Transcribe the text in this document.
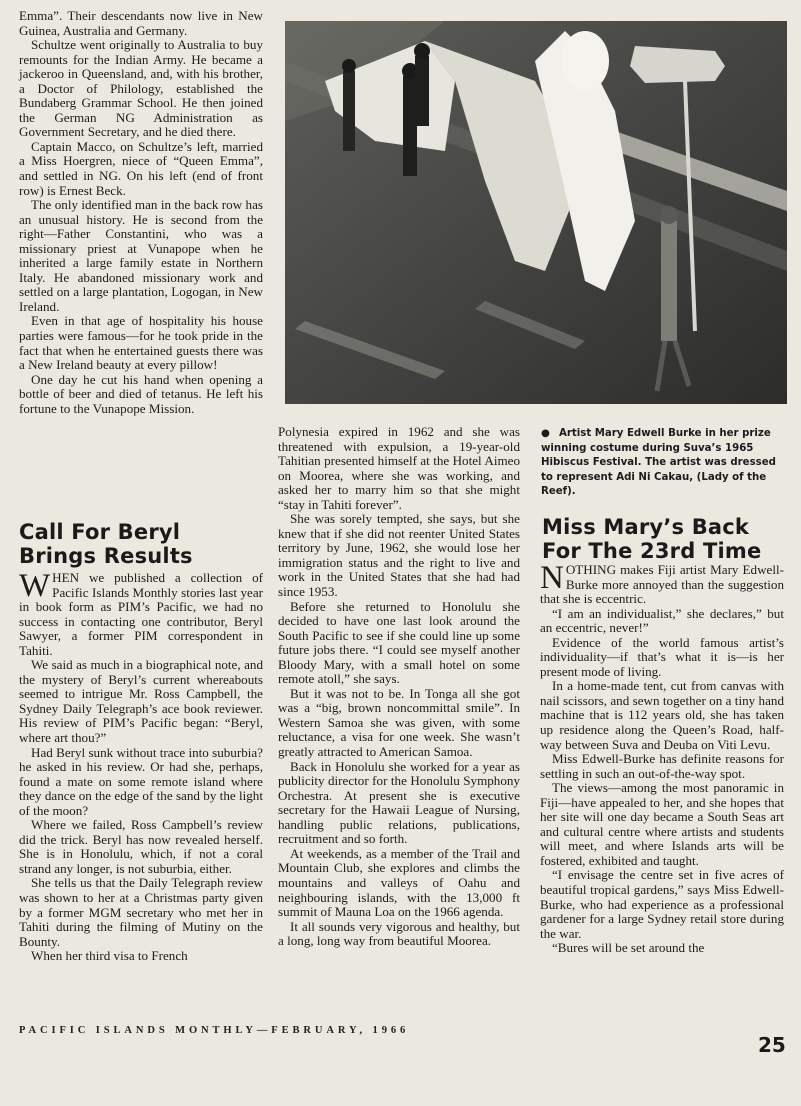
Emma”. Their descendants now live in New Guinea, Australia and Germany.

Schultze went originally to Australia to buy remounts for the Indian Army. He became a jackeroo in Queensland, and, with his brother, a Doctor of Philology, established the Bundaberg Grammar School. He then joined the German NG Administration as Government Secretary, and he died there.

Captain Macco, on Schultze’s left, married a Miss Hoergren, niece of “Queen Emma”, and settled in NG. On his left (end of front row) is Ernest Beck.

The only identified man in the back row has an unusual history. He is second from the right—Father Constantini, who was a missionary priest at Vunapope when he inherited a large family estate in Northern Italy. He abandoned missionary work and settled on a large plantation, Logogan, in New Ireland.

Even in that age of hospitality his house parties were famous—for he took pride in the fact that when he entertained guests there was a New Ireland beauty at every pillow!

One day he cut his hand when opening a bottle of beer and died of tetanus. He left his fortune to the Vunapope Mission.

Call For Beryl Brings Results

WHEN we published a collection of Pacific Islands Monthly stories last year in book form as PIM’s Pacific, we had no success in contacting one contributor, Beryl Sawyer, a former PIM correspondent in Tahiti.

We said as much in a biographical note, and the mystery of Beryl’s current whereabouts seemed to intrigue Mr. Ross Campbell, the Sydney Daily Telegraph’s ace book reviewer. His review of PIM’s Pacific began: “Beryl, where art thou?”

Had Beryl sunk without trace into suburbia? he asked in his review. Or had she, perhaps, found a mate on some remote island where they dance on the edge of the sand by the light of the moon?

Where we failed, Ross Campbell’s review did the trick. Beryl has now revealed herself. She is in Honolulu, which, if not a coral strand any longer, is not suburbia, either.

She tells us that the Daily Telegraph review was shown to her at a Christmas party given by a former MGM secretary who met her in Tahiti during the filming of Mutiny on the Bounty.

When her third visa to French

● Artist Mary Edwell Burke in her prize winning costume during Suva’s 1965 Hibiscus Festival. The artist was dressed to represent Adi Ni Cakau, (Lady of the Reef).

Polynesia expired in 1962 and she was threatened with expulsion, a 19-year-old Tahitian presented himself at the Hotel Aimeo on Moorea, where she was working, and asked her to marry him so that she might “stay in Tahiti forever”.

She was sorely tempted, she says, but she knew that if she did not reenter United States territory by June, 1962, she would lose her immigration status and the right to live and work in the United States that she had had since 1953.

Before she returned to Honolulu she decided to have one last look around the South Pacific to see if she could line up some future jobs there. “I could see myself another Bloody Mary, with a small hotel on some remote atoll,” she says.

But it was not to be. In Tonga all she got was a “big, brown noncommittal smile”. In Western Samoa she was given, with some reluctance, a visa for one week. She wasn’t greatly attracted to American Samoa.

Back in Honolulu she worked for a year as publicity director for the Honolulu Symphony Orchestra. At present she is executive secretary for the Hawaii League of Nursing, handling public relations, publications, recruitment and so forth.

At weekends, as a member of the Trail and Mountain Club, she explores and climbs the mountains and valleys of Oahu and neighbouring islands, with the 13,000 ft summit of Mauna Loa on the 1966 agenda.

It all sounds very vigorous and healthy, but a long, long way from beautiful Moorea.

Miss Mary’s Back For The 23rd Time

NOTHING makes Fiji artist Mary Edwell-Burke more annoyed than the suggestion that she is eccentric.

“I am an individualist,” she declares,” but an eccentric, never!”

Evidence of the world famous artist’s individuality—if that’s what it is—is her present mode of living.

In a home-made tent, cut from canvas with nail scissors, and sewn together on a tiny hand machine that is 112 years old, she has taken up residence along the Queen’s Road, half-way between Suva and Deuba on Viti Levu.

Miss Edwell-Burke has definite reasons for settling in such an out-of-the-way spot.

The views—among the most panoramic in Fiji—have appealed to her, and she hopes that her site will one day became a South Seas art and cultural centre where artists and students will meet, and where Islands arts will be fostered, exhibited and taught.

“I envisage the centre set in five acres of beautiful tropical gardens,” says Miss Edwell-Burke, who had experience as a professional gardener for a large Sydney retail store during the war.

“Bures will be set around the

PACIFIC ISLANDS MONTHLY—FEBRUARY, 1966
25
